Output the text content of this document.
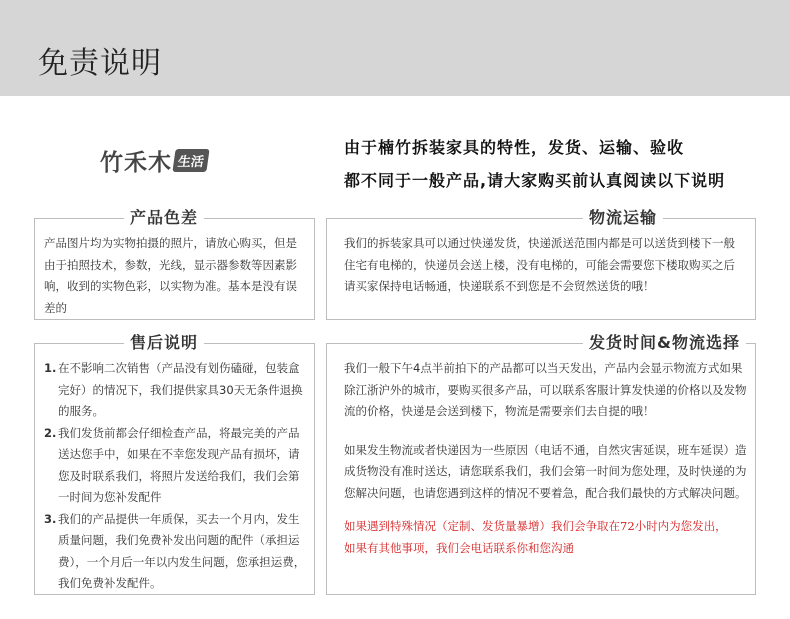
免责说明
竹禾木 生活
由于楠竹拆装家具的特性，发货、运输、验收
都不同于一般产品,请大家购买前认真阅读以下说明
产品色差
产品图片均为实物拍摄的照片，请放心购买，但是由于拍照技术，参数，光线，显示器参数等因素影响，收到的实物色彩，以实物为准。基本是没有误差的
物流运输
我们的拆装家具可以通过快递发货，快递派送范围内都是可以送货到楼下一般住宅有电梯的，快递员会送上楼，没有电梯的，可能会需要您下楼取购买之后请买家保持电话畅通，快递联系不到您是不会贸然送货的哦！
售后说明
1. 在不影响二次销售（产品没有划伤磕碰，包装盒完好）的情况下，我们提供家具30天无条件退换的服务。
2. 我们发货前都会仔细检查产品，将最完美的产品送达您手中，如果在不幸您发现产品有损坏，请您及时联系我们，将照片发送给我们，我们会第一时间为您补发配件
3. 我们的产品提供一年质保，买去一个月内，发生质量问题，我们免费补发出问题的配件（承担运费），一个月后一年以内发生问题，您承担运费，我们免费补发配件。
发货时间&物流选择

我们一般下午4点半前拍下的产品都可以当天发出，产品内会显示物流方式如果除江浙沪外的城市，要购买很多产品，可以联系客服计算发快递的价格以及发物流的价格，快递是会送到楼下，物流是需要亲们去自提的哦！

如果发生物流或者快递因为一些原因（电话不通，自然灾害延误，班车延误）造成货物没有准时送达，请您联系我们，我们会第一时间为您处理，及时快递的为您解决问题，也请您遇到这样的情况不要着急，配合我们最快的方式解决问题。

如果遇到特殊情况（定制、发货量暴增）我们会争取在72小时内为您发出，

如果有其他事项，我们会电话联系你和您沟通
